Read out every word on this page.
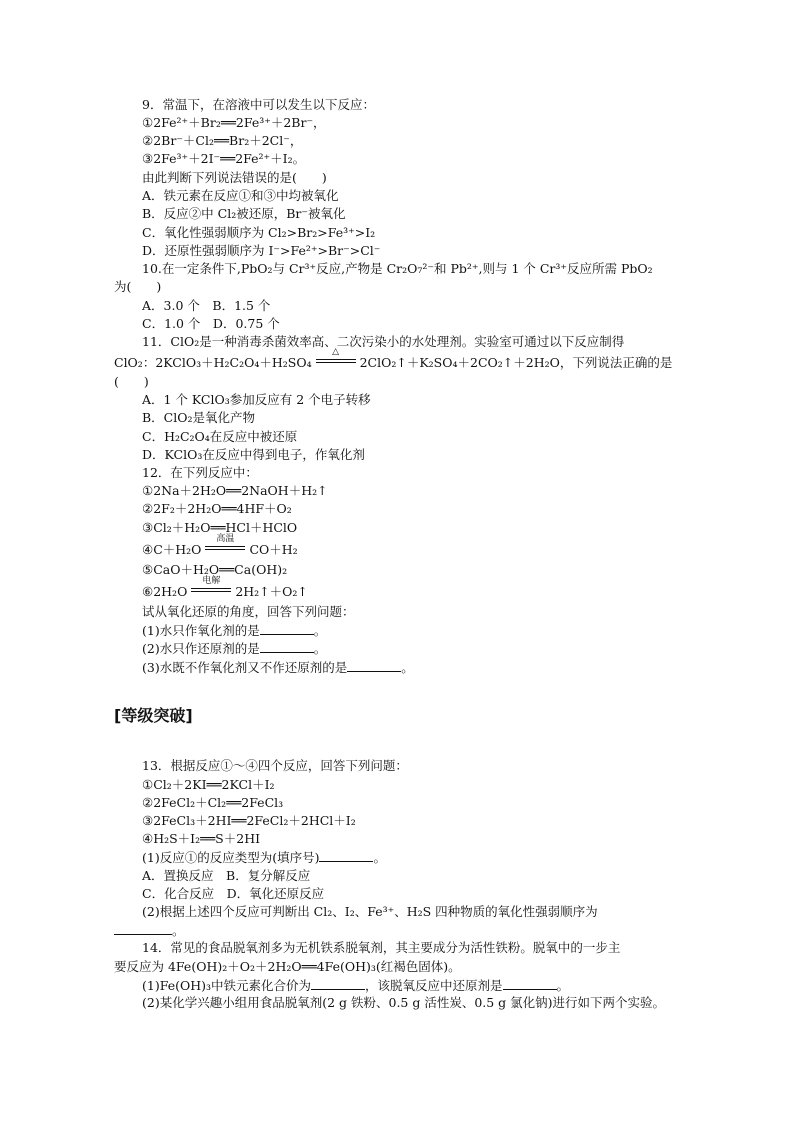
9．常温下，在溶液中可以发生以下反应：
①2Fe²⁺＋Br₂══2Fe³⁺＋2Br⁻，
②2Br⁻＋Cl₂══Br₂＋2Cl⁻，
③2Fe³⁺＋2I⁻══2Fe²⁺＋I₂。
由此判断下列说法错误的是(　　)
A．铁元素在反应①和③中均被氧化
B．反应②中 Cl₂被还原，Br⁻被氧化
C．氧化性强弱顺序为 Cl₂>Br₂>Fe³⁺>I₂
D．还原性强弱顺序为 I⁻>Fe²⁺>Br⁻>Cl⁻
10.在一定条件下,PbO₂与 Cr³⁺反应,产物是 Cr₂O₇²⁻和 Pb²⁺,则与 1 个 Cr³⁺反应所需 PbO₂
为(　　)
A．3.0 个　B．1.5 个
C．1.0 个　D．0.75 个
11．ClO₂是一种消毒杀菌效率高、二次污染小的水处理剂。实验室可通过以下反应制得
ClO₂：2KClO₃＋H₂C₂O₄＋H₂SO₄
△
2ClO₂↑＋K₂SO₄＋2CO₂↑＋2H₂O，下列说法正确的是
(　　)
A．1 个 KClO₃参加反应有 2 个电子转移
B．ClO₂是氧化产物
C．H₂C₂O₄在反应中被还原
D．KClO₃在反应中得到电子，作氧化剂
12．在下列反应中：
①2Na＋2H₂O══2NaOH＋H₂↑
②2F₂＋2H₂O══4HF＋O₂
③Cl₂＋H₂O══HCl＋HClO
④C＋H₂O
高温
CO＋H₂
⑤CaO＋H₂O══Ca(OH)₂
⑥2H₂O
电解
2H₂↑＋O₂↑
试从氧化还原的角度，回答下列问题：
(1)水只作氧化剂的是	。
(2)水只作还原剂的是	。
(3)水既不作氧化剂又不作还原剂的是	。
[等级突破]
13．根据反应①～④四个反应，回答下列问题：
①Cl₂＋2KI══2KCl＋I₂
②2FeCl₂＋Cl₂══2FeCl₃
③2FeCl₃＋2HI══2FeCl₂＋2HCl＋I₂
④H₂S＋I₂══S＋2HI
(1)反应①的反应类型为(填序号)	。
A．置换反应　B．复分解反应
C．化合反应　D．氧化还原反应
(2)根据上述四个反应可判断出 Cl₂、I₂、Fe³⁺、H₂S 四种物质的氧化性强弱顺序为
。
14．常见的食品脱氧剂多为无机铁系脱氧剂，其主要成分为活性铁粉。脱氧中的一步主
要反应为 4Fe(OH)₂＋O₂＋2H₂O══4Fe(OH)₃(红褐色固体)。
(1)Fe(OH)₃中铁元素化合价为	，该脱氧反应中还原剂是	。
(2)某化学兴趣小组用食品脱氧剂(2 g 铁粉、0.5 g 活性炭、0.5 g 氯化钠)进行如下两个实验。
